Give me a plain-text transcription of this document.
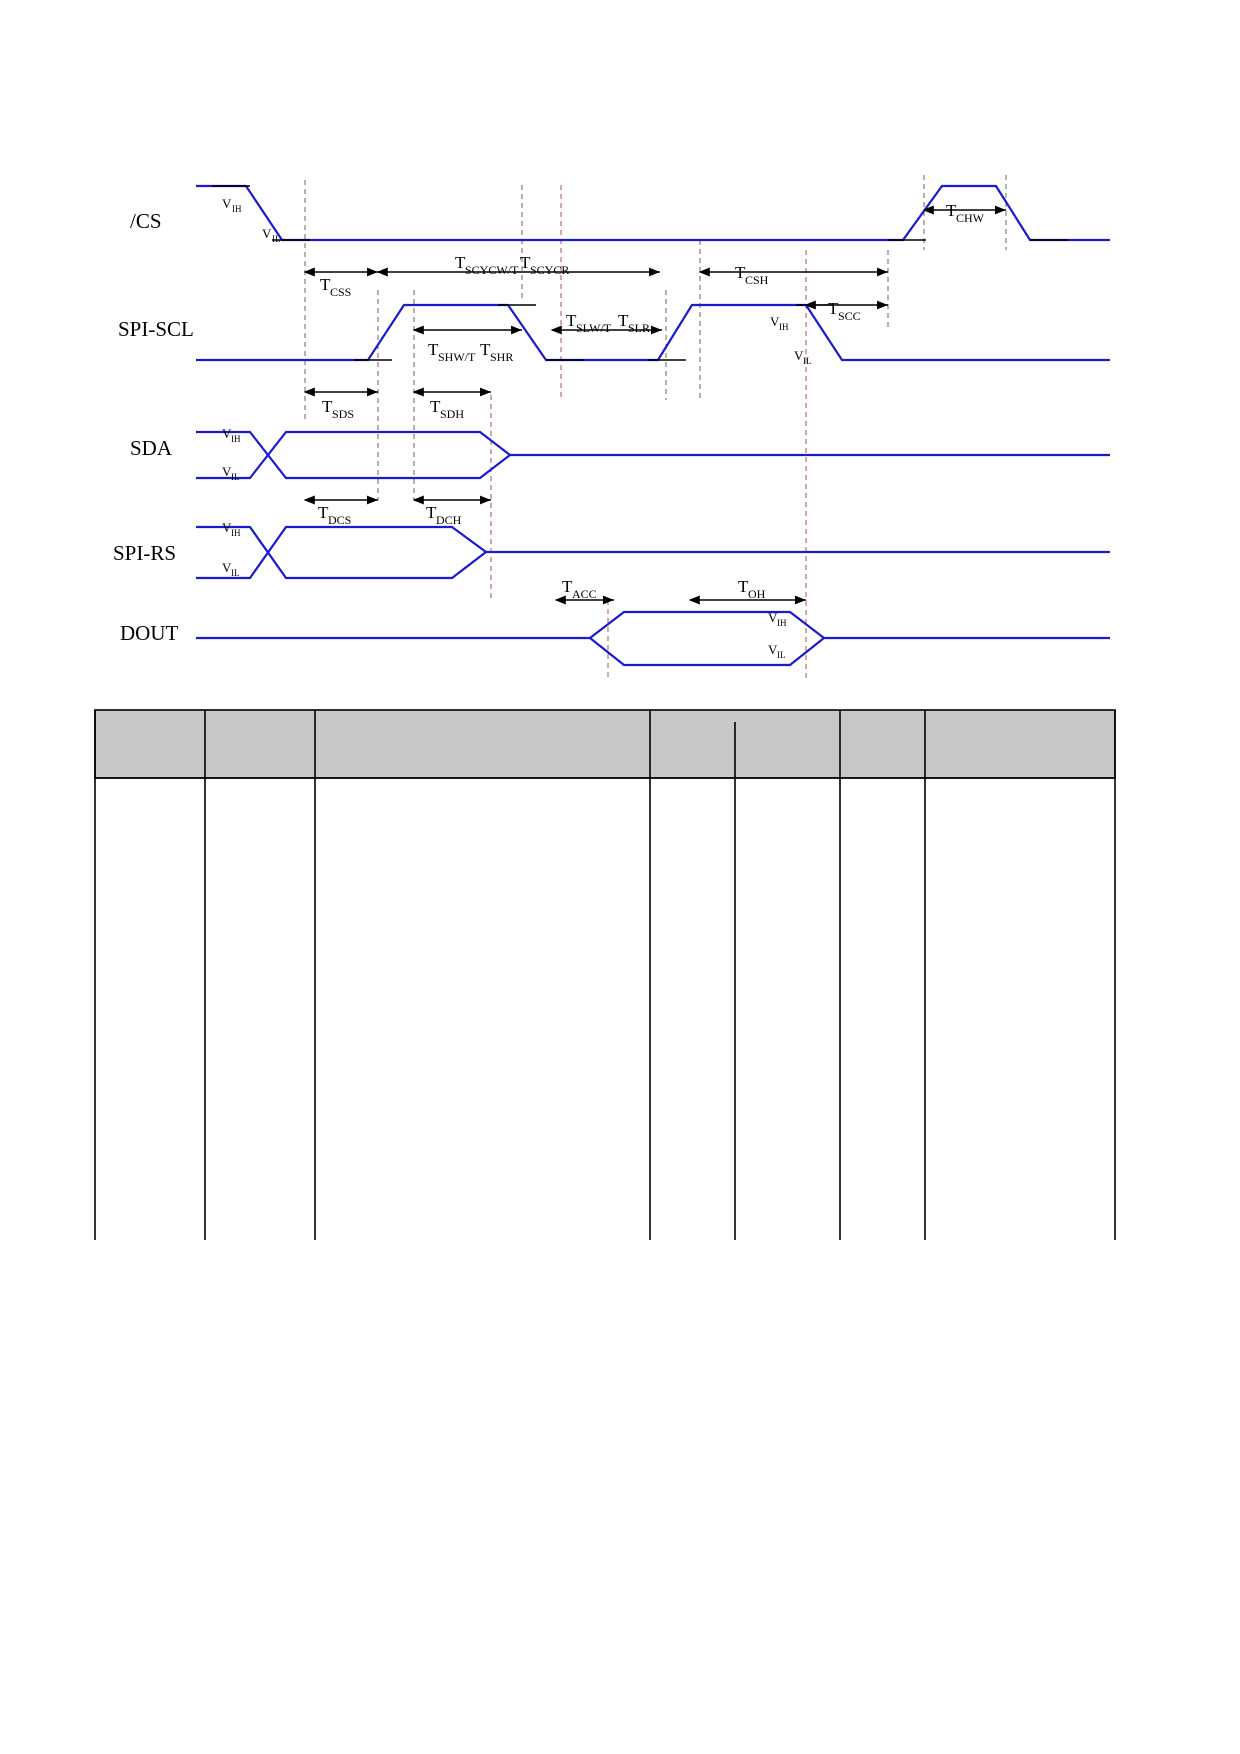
/CS
SPI-SCL
SDA
SPI-RS
DOUT
V IH
V IL
T CHW
T CSS
T SCYCW/T T SCYCR	T CSH
T SCC
V IH
V IL
T SHW/T T SHR
T SLW/T T SLR
T SDS	T SDH
V IH
V IL
T DCS	T DCH
V IH
V IL
T ACC	T OH
V IH
V IL
